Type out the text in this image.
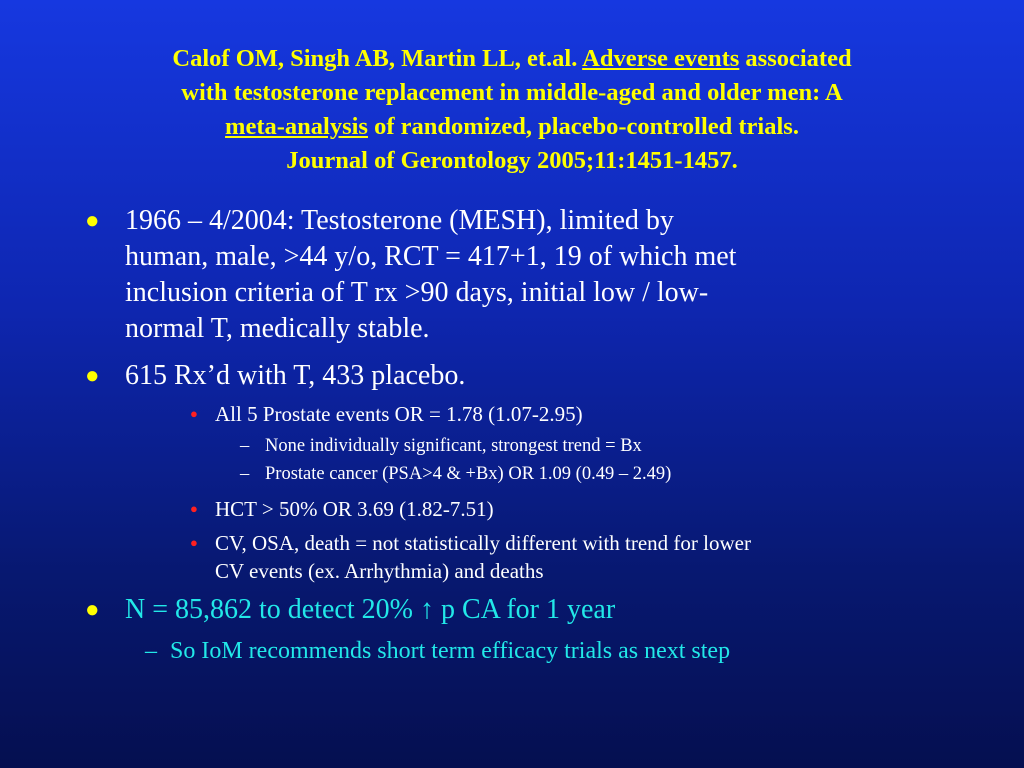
Calof OM, Singh AB, Martin LL, et.al. Adverse events associated
with testosterone replacement in middle-aged and older men: A
meta-analysis of randomized, placebo-controlled trials.
Journal of Gerontology 2005;11:1451-1457.
● 1966 – 4/2004: Testosterone (MESH), limited by
human, male, >44 y/o, RCT = 417+1, 19 of which met
inclusion criteria of T rx >90 days, initial low / low-
normal T, medically stable.
● 615 Rx’d with T, 433 placebo.
● All 5 Prostate events OR = 1.78 (1.07-2.95)
– None individually significant, strongest trend = Bx
– Prostate cancer (PSA>4 & +Bx) OR 1.09 (0.49 – 2.49)
● HCT > 50% OR 3.69 (1.82-7.51)
● CV, OSA, death = not statistically different with trend for lower
CV events (ex. Arrhythmia) and deaths
● N = 85,862 to detect 20% ↑ p CA for 1 year
– So IoM recommends short term efficacy trials as next step
